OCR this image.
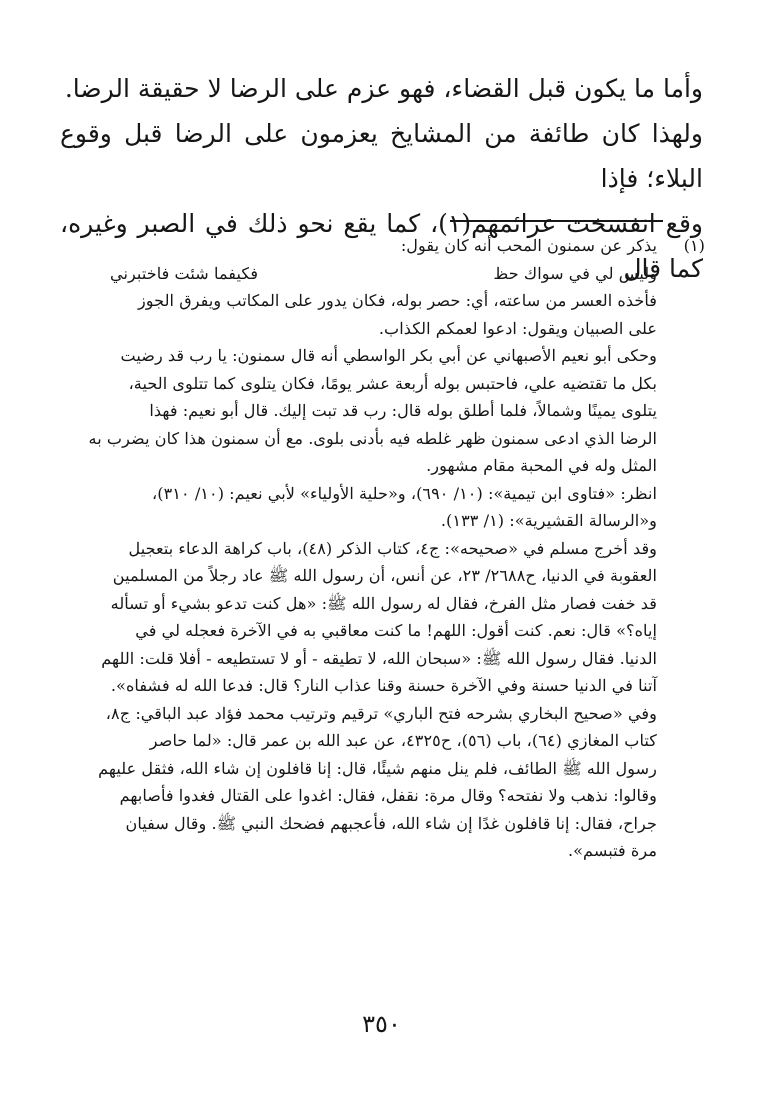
وأما ما يكون قبل القضاء، فهو عزم على الرضا لا حقيقة الرضا.

ولهذا كان طائفة من المشايخ يعزمون على الرضا قبل وقوع البلاء؛ فإذا

وقع انفسخت عزائمهم(١)، كما يقع نحو ذلك في الصبر وغيره، كما قال

(١)يذكر عن سمنون المحب أنه كان يقول:

وليس لي في سواك حظ
فكيفما شئت فاختبرني

فأخذه العسر من ساعته، أي: حصر بوله، فكان يدور على المكاتب ويفرق الجوز

على الصبيان ويقول: ادعوا لعمكم الكذاب.

وحكى أبو نعيم الأصبهاني عن أبي بكر الواسطي أنه قال سمنون: يا رب قد رضيت

بكل ما تقتضيه علي، فاحتبس بوله أربعة عشر يومًا، فكان يتلوى كما تتلوى الحية،

يتلوى يمينًا وشمالاً، فلما أطلق بوله قال: رب قد تبت إليك. قال أبو نعيم: فهذا

الرضا الذي ادعى سمنون ظهر غلطه فيه بأدنى بلوى. مع أن سمنون هذا كان يضرب به

المثل وله في المحبة مقام مشهور.

انظر: «فتاوى ابن تيمية»: (١٠/ ٦٩٠)، و«حلية الأولياء» لأبي نعيم: (١٠/ ٣١٠)،

و«الرسالة القشيرية»: (١/ ١٣٣).

وقد أخرج مسلم في «صحيحه»: ج٤، كتاب الذكر (٤٨)، باب كراهة الدعاء بتعجيل

العقوبة في الدنيا، ح٢٦٨٨/ ٢٣، عن أنس، أن رسول الله ﷺ عاد رجلاً من المسلمين

قد خفت فصار مثل الفرخ، فقال له رسول الله ﷺ: «هل كنت تدعو بشيء أو تسأله

إياه؟» قال: نعم. كنت أقول: اللهم! ما كنت معاقبي به في الآخرة فعجله لي في

الدنيا. فقال رسول الله ﷺ: «سبحان الله، لا تطيقه - أو لا تستطيعه - أفلا قلت: اللهم

آتنا في الدنيا حسنة وفي الآخرة حسنة وقنا عذاب النار؟ قال: فدعا الله له فشفاه».

وفي «صحيح البخاري بشرحه فتح الباري» ترقيم وترتيب محمد فؤاد عبد الباقي: ج٨،

كتاب المغازي (٦٤)، باب (٥٦)، ح٤٣٢٥، عن عبد الله بن عمر قال: «لما حاصر

رسول الله ﷺ الطائف، فلم ينل منهم شيئًا، قال: إنا قافلون إن شاء الله، فثقل عليهم

وقالوا: نذهب ولا نفتحه؟ وقال مرة: نقفل، فقال: اغدوا على القتال فغدوا فأصابهم

جراح، فقال: إنا قافلون غدًا إن شاء الله، فأعجبهم فضحك النبي ﷺ. وقال سفيان

مرة فتبسم».

٣٥٠
